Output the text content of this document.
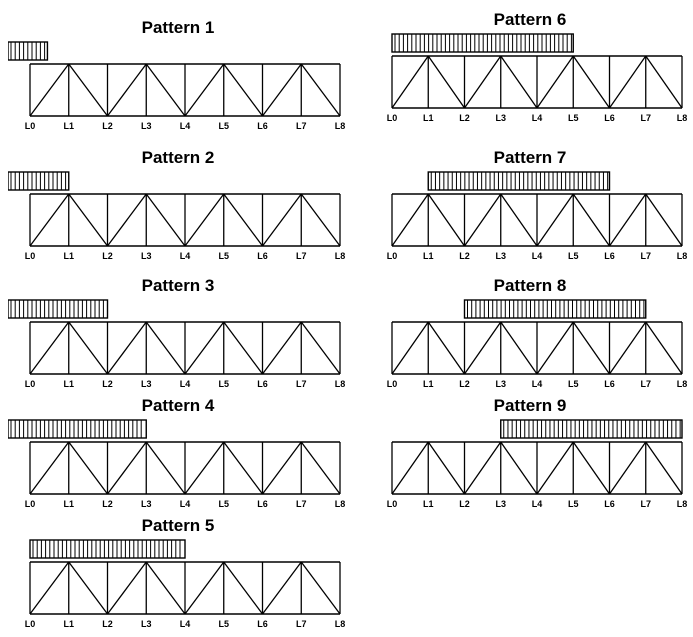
Pattern 1
L0	L1	L2	L3	L4	L5	L6	L7	L8
Pattern 2
L0	L1	L2	L3	L4	L5	L6	L7	L8
Pattern 3
L0	L1	L2	L3	L4	L5	L6	L7	L8
Pattern 4
L0	L1	L2	L3	L4	L5	L6	L7	L8
Pattern 5
L0	L1	L2	L3	L4	L5	L6	L7	L8
Pattern 6
L0	L1	L2	L3	L4	L5	L6	L7	L8
Pattern 7
L0	L1	L2	L3	L4	L5	L6	L7	L8
Pattern 8
L0	L1	L2	L3	L4	L5	L6	L7	L8
Pattern 9
L0	L1	L2	L3	L4	L5	L6	L7	L8
